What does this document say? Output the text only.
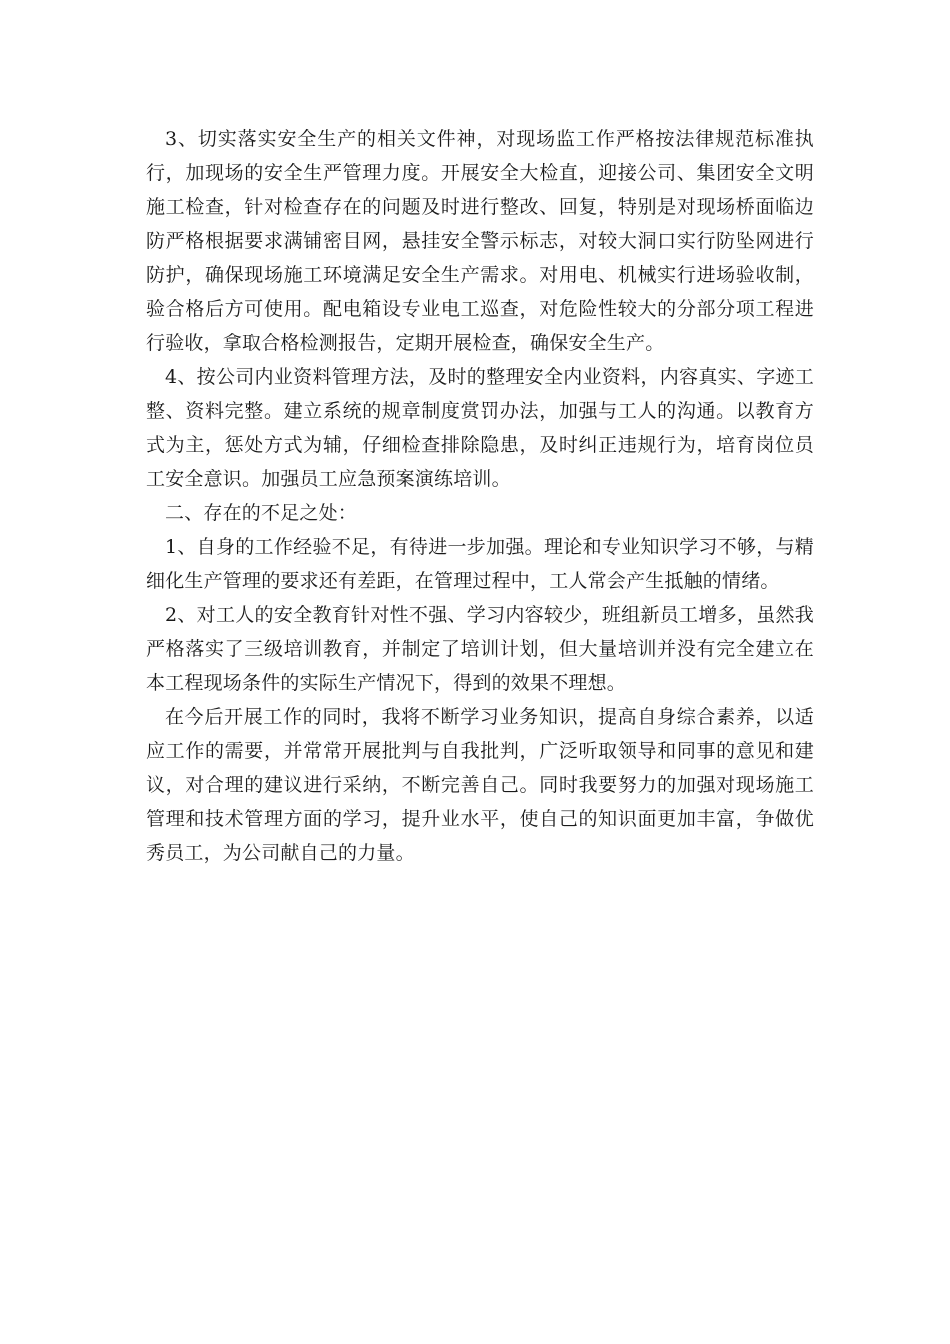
3、切实落实安全生产的相关文件神，对现场监工作严格按法律规范标准执行，加现场的安全生严管理力度。开展安全大检直，迎接公司、集团安全文明施工检查，针对检查存在的问题及时进行整改、回复，特别是对现场桥面临边防严格根据要求满铺密目网，悬挂安全警示标志，对较大洞口实行防坠网进行防护，确保现场施工环境满足安全生产需求。对用电、机械实行进场验收制，验合格后方可使用。配电箱设专业电工巡查，对危险性较大的分部分项工程进行验收，拿取合格检测报告，定期开展检查，确保安全生产。

4、按公司内业资料管理方法，及时的整理安全内业资料，内容真实、字迹工整、资料完整。建立系统的规章制度赏罚办法，加强与工人的沟通。以教育方式为主，惩处方式为辅，仔细检查排除隐患，及时纠正违规行为，培育岗位员工安全意识。加强员工应急预案演练培训。

二、存在的不足之处：

1、自身的工作经验不足，有待进一步加强。理论和专业知识学习不够，与精细化生产管理的要求还有差距，在管理过程中，工人常会产生抵触的情绪。

2、对工人的安全教育针对性不强、学习内容较少，班组新员工增多，虽然我严格落实了三级培训教育，并制定了培训计划，但大量培训并没有完全建立在本工程现场条件的实际生产情况下，得到的效果不理想。

在今后开展工作的同时，我将不断学习业务知识，提高自身综合素养，以适应工作的需要，并常常开展批判与自我批判，广泛听取领导和同事的意见和建议，对合理的建议进行采纳，不断完善自己。同时我要努力的加强对现场施工管理和技术管理方面的学习，提升业水平，使自己的知识面更加丰富，争做优秀员工，为公司献自己的力量。
